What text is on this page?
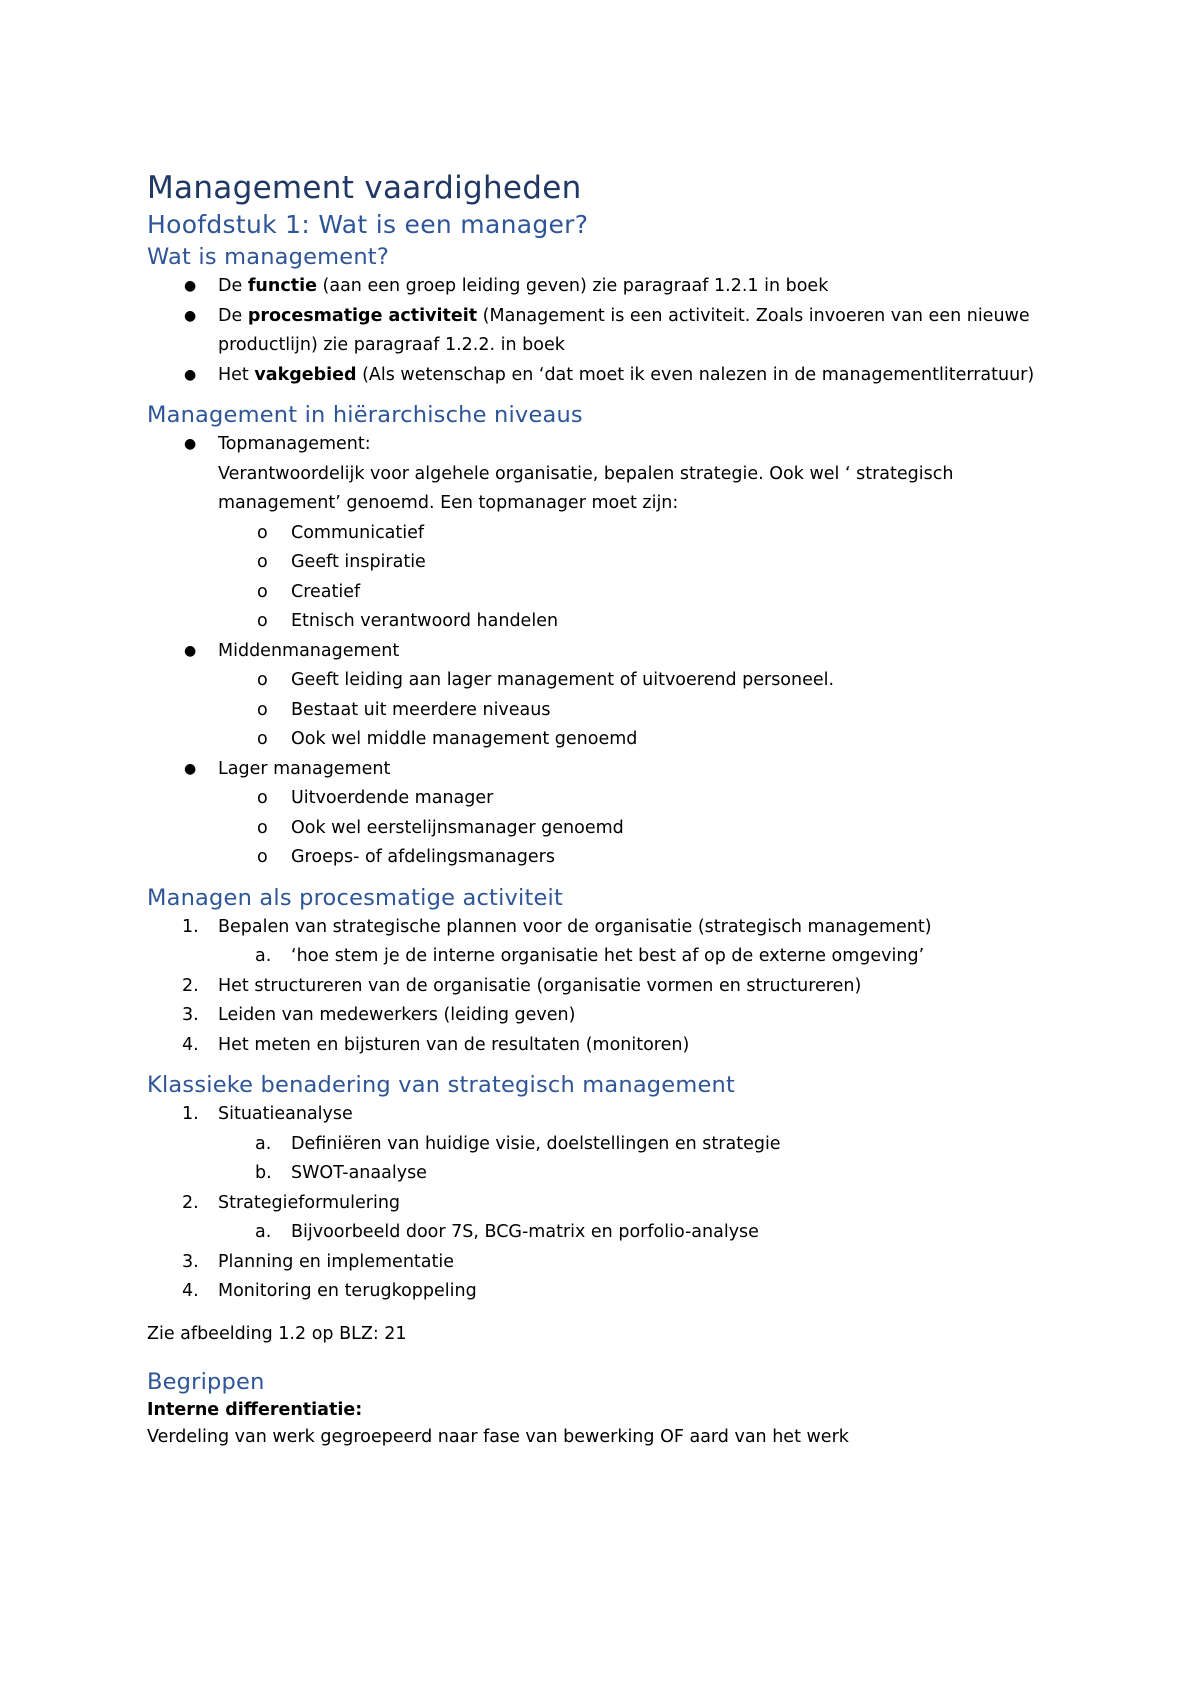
Management vaardigheden
Hoofdstuk 1: Wat is een manager?
Wat is management?
● De functie (aan een groep leiding geven) zie paragraaf 1.2.1 in boek
● De procesmatige activiteit (Management is een activiteit. Zoals invoeren van een nieuwe productlijn) zie paragraaf 1.2.2. in boek
● Het vakgebied (Als wetenschap en ‘dat moet ik even nalezen in de managementliterratuur)
Management in hiërarchische niveaus
● Topmanagement:
Verantwoordelijk voor algehele organisatie, bepalen strategie. Ook wel ‘ strategisch management’ genoemd. Een topmanager moet zijn:
o Communicatief
o Geeft inspiratie
o Creatief
o Etnisch verantwoord handelen
● Middenmanagement
o Geeft leiding aan lager management of uitvoerend personeel.
o Bestaat uit meerdere niveaus
o Ook wel middle management genoemd
● Lager management
o Uitvoerdende manager
o Ook wel eerstelijnsmanager genoemd
o Groeps- of afdelingsmanagers
Managen als procesmatige activiteit
1. Bepalen van strategische plannen voor de organisatie (strategisch management)
a. ‘hoe stem je de interne organisatie het best af op de externe omgeving’
2. Het structureren van de organisatie (organisatie vormen en structureren)
3. Leiden van medewerkers (leiding geven)
4. Het meten en bijsturen van de resultaten (monitoren)
Klassieke benadering van strategisch management
1. Situatieanalyse
a. Definiëren van huidige visie, doelstellingen en strategie
b. SWOT-anaalyse
2. Strategieformulering
a. Bijvoorbeeld door 7S, BCG-matrix en porfolio-analyse
3. Planning en implementatie
4. Monitoring en terugkoppeling

Zie afbeelding 1.2 op BLZ: 21

Begrippen
Interne differentiatie:
Verdeling van werk gegroepeerd naar fase van bewerking OF aard van het werk
